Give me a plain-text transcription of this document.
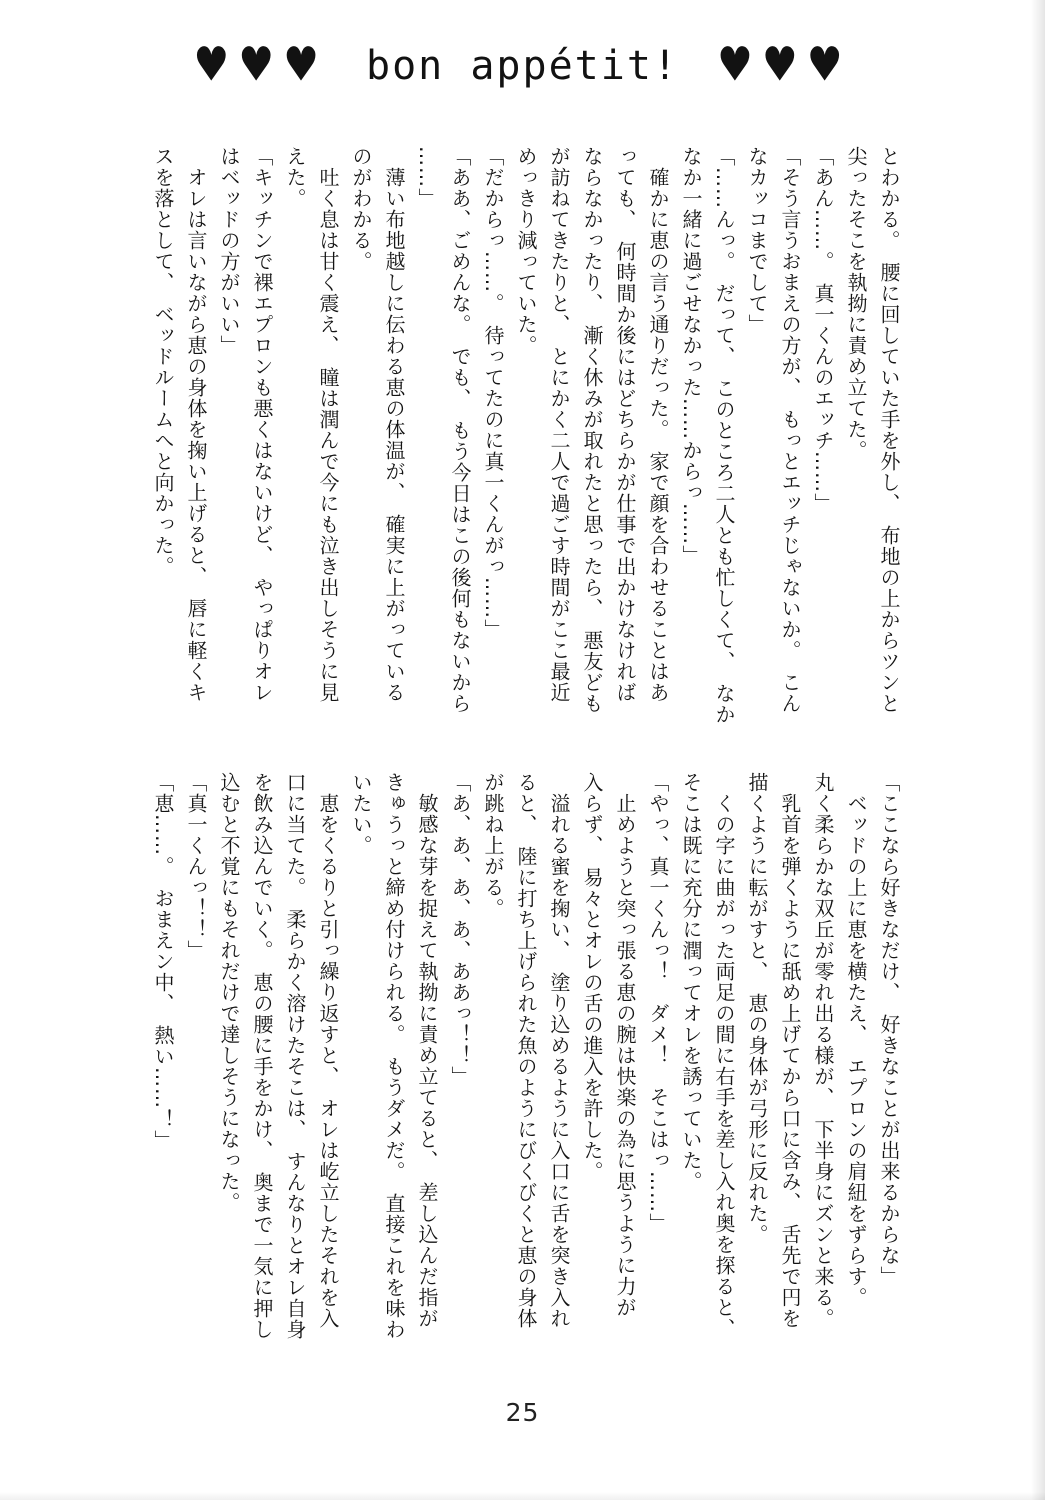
♥♥♥ bon appétit! ♥♥♥
とわかる。　腰に回していた手を外し、　布地の上からツンと
尖ったそこを執拗に責め立てた。
「あん……。　真一くんのエッチ……」
「そう言うおまえの方が、　もっとエッチじゃないか。　こん
なカッコまでして」
「……んっ。　だって、　このところ二人とも忙しくて、　なか
なか一緒に過ごせなかった……からっ……」
　確かに恵の言う通りだった。　家で顔を合わせることはあ
っても、　何時間か後にはどちらかが仕事で出かけなければ
ならなかったり、　漸く休みが取れたと思ったら、　悪友ども
が訪ねてきたりと、　とにかく二人で過ごす時間がここ最近
めっきり減っていた。
「だからっ……。　待ってたのに真一くんがっ……」
「ああ、ごめんな。　でも、　もう今日はこの後何もないから
……」
　薄い布地越しに伝わる恵の体温が、　確実に上がっている
のがわかる。
　吐く息は甘く震え、　瞳は潤んで今にも泣き出しそうに見
えた。
「キッチンで裸エプロンも悪くはないけど、　やっぱりオレ
はベッドの方がいい」
　オレは言いながら恵の身体を掬い上げると、　唇に軽くキ
スを落として、　ベッドルームへと向かった。
「ここなら好きなだけ、　好きなことが出来るからな」
　ベッドの上に恵を横たえ、　エプロンの肩紐をずらす。
丸く柔らかな双丘が零れ出る様が、　下半身にズンと来る。
　乳首を弾くように舐め上げてから口に含み、　舌先で円を
描くように転がすと、　恵の身体が弓形に反れた。
　くの字に曲がった両足の間に右手を差し入れ奥を探ると、
そこは既に充分に潤ってオレを誘っていた。
「やっ、真一くんっ！　ダメ！　そこはっ……」
　止めようと突っ張る恵の腕は快楽の為に思うように力が
入らず、　易々とオレの舌の進入を許した。
　溢れる蜜を掬い、　塗り込めるように入口に舌を突き入れ
ると、　陸に打ち上げられた魚のようにびくびくと恵の身体
が跳ね上がる。
「あ、あ、あ、あ、ああっ！！」
　敏感な芽を捉えて執拗に責め立てると、　差し込んだ指が
きゅうっと締め付けられる。　もうダメだ。　直接これを味わ
いたい。
　恵をくるりと引っ繰り返すと、　オレは屹立したそれを入
口に当てた。　柔らかく溶けたそこは、　すんなりとオレ自身
を飲み込んでいく。　恵の腰に手をかけ、　奥まで一気に押し
込むと不覚にもそれだけで達しそうになった。
「真一くんっ！！」
「恵……。　おまえン中、　熱い……！」
25
